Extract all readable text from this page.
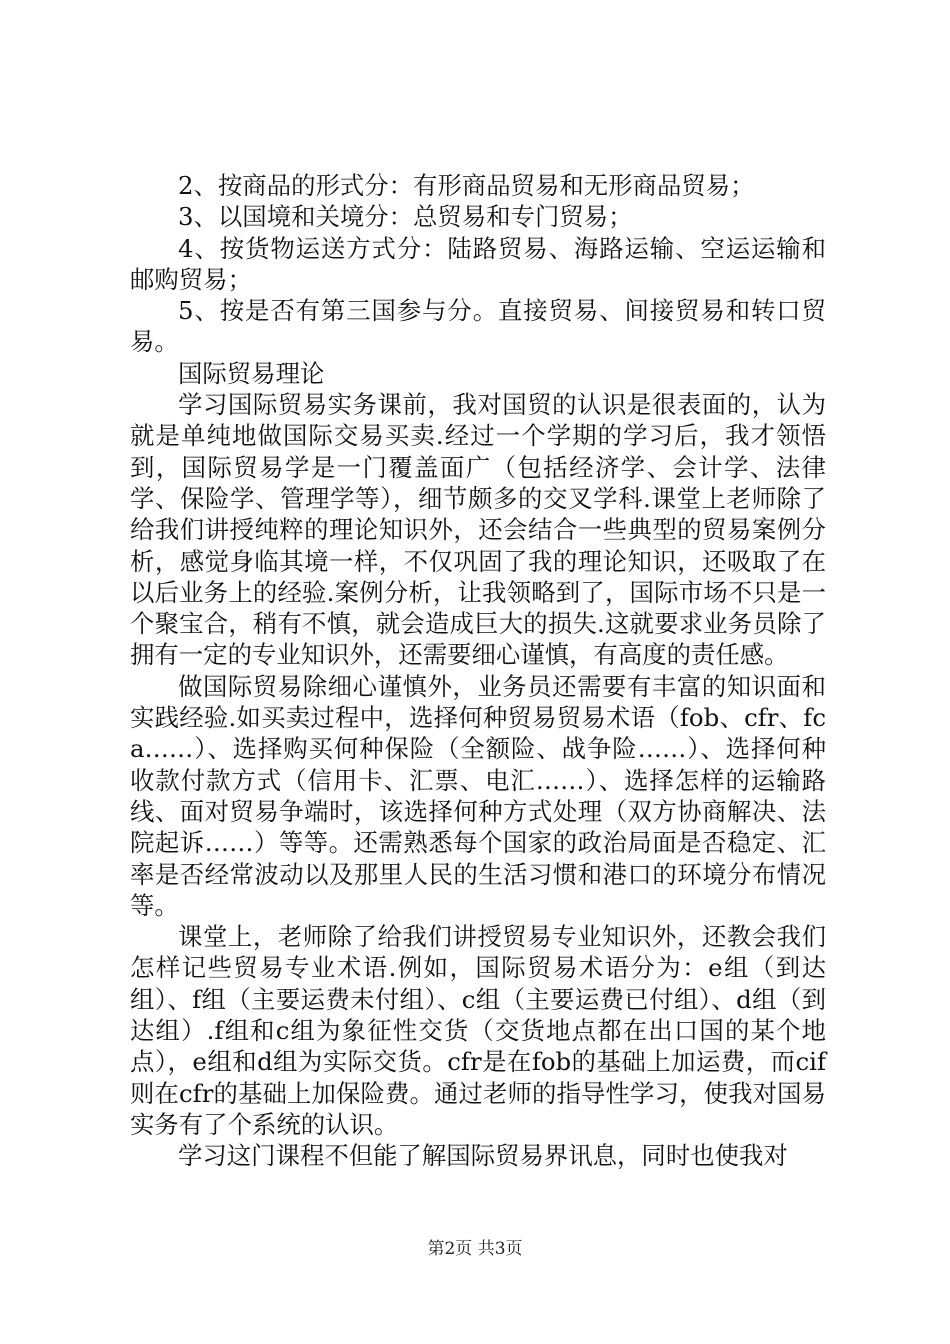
2、按商品的形式分：有形商品贸易和无形商品贸易；

3、以国境和关境分：总贸易和专门贸易；

4、按货物运送方式分：陆路贸易、海路运输、空运运输和邮购贸易；

5、按是否有第三国参与分。直接贸易、间接贸易和转口贸易。

国际贸易理论

学习国际贸易实务课前，我对国贸的认识是很表面的，认为就是单纯地做国际交易买卖.经过一个学期的学习后，我才领悟到，国际贸易学是一门覆盖面广（包括经济学、会计学、法律学、保险学、管理学等），细节颇多的交叉学科.课堂上老师除了给我们讲授纯粹的理论知识外，还会结合一些典型的贸易案例分析，感觉身临其境一样，不仅巩固了我的理论知识，还吸取了在以后业务上的经验.案例分析，让我领略到了，国际市场不只是一个聚宝合，稍有不慎，就会造成巨大的损失.这就要求业务员除了拥有一定的专业知识外，还需要细心谨慎，有高度的责任感。

做国际贸易除细心谨慎外，业务员还需要有丰富的知识面和实践经验.如买卖过程中，选择何种贸易贸易术语（fob、cfr、fca……）、选择购买何种保险（全额险、战争险……）、选择何种收款付款方式（信用卡、汇票、电汇……）、选择怎样的运输路线、面对贸易争端时，该选择何种方式处理（双方协商解决、法院起诉……）等等。还需熟悉每个国家的政治局面是否稳定、汇率是否经常波动以及那里人民的生活习惯和港口的环境分布情况等。

课堂上，老师除了给我们讲授贸易专业知识外，还教会我们怎样记些贸易专业术语.例如，国际贸易术语分为：e组（到达组）、f组（主要运费未付组）、c组（主要运费已付组）、d组（到达组）.f组和c组为象征性交货（交货地点都在出口国的某个地点），e组和d组为实际交货。cfr是在fob的基础上加运费，而cif则在cfr的基础上加保险费。通过老师的指导性学习，使我对国易实务有了个系统的认识。

学习这门课程不但能了解国际贸易界讯息，同时也使我对

第2页 共3页
